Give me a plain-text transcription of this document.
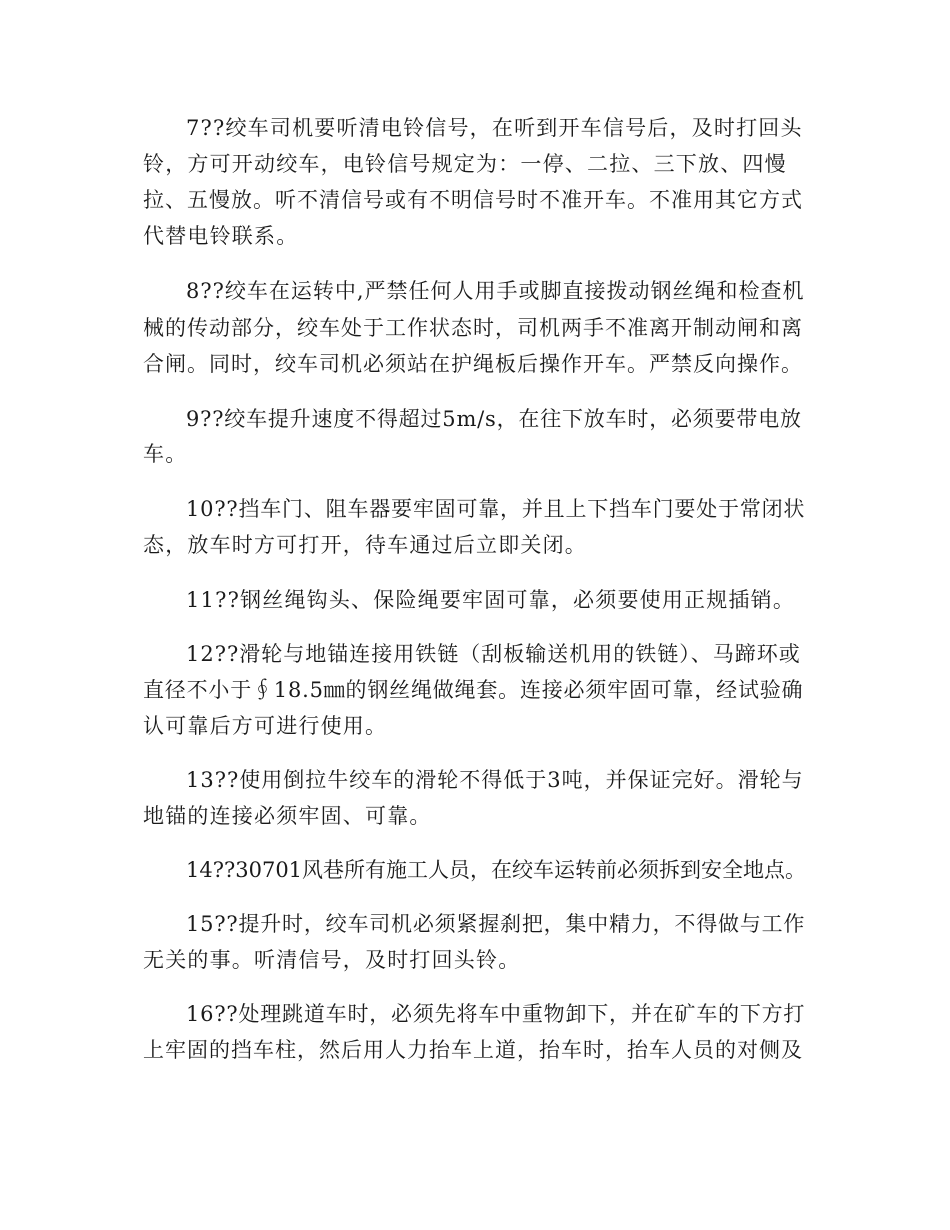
7??绞车司机要听清电铃信号，在听到开车信号后，及时打回头
铃，方可开动绞车，电铃信号规定为：一停、二拉、三下放、四慢
拉、五慢放。听不清信号或有不明信号时不准开车。不准用其它方式
代替电铃联系。
8??绞车在运转中,严禁任何人用手或脚直接拨动钢丝绳和检查机
械的传动部分，绞车处于工作状态时，司机两手不准离开制动闸和离
合闸。同时，绞车司机必须站在护绳板后操作开车。严禁反向操作。
9??绞车提升速度不得超过5m/s，在往下放车时，必须要带电放
车。
10??挡车门、阻车器要牢固可靠，并且上下挡车门要处于常闭状
态，放车时方可打开，待车通过后立即关闭。
11??钢丝绳钩头、保险绳要牢固可靠，必须要使用正规插销。
12??滑轮与地锚连接用铁链（刮板输送机用的铁链）、马蹄环或
直径不小于∮18.5㎜的钢丝绳做绳套。连接必须牢固可靠，经试验确
认可靠后方可进行使用。
13??使用倒拉牛绞车的滑轮不得低于3吨，并保证完好。滑轮与
地锚的连接必须牢固、可靠。
14??30701风巷所有施工人员，在绞车运转前必须拆到安全地点。
15??提升时，绞车司机必须紧握刹把，集中精力，不得做与工作
无关的事。听清信号，及时打回头铃。
16??处理跳道车时，必须先将车中重物卸下，并在矿车的下方打
上牢固的挡车柱，然后用人力抬车上道，抬车时，抬车人员的对侧及
